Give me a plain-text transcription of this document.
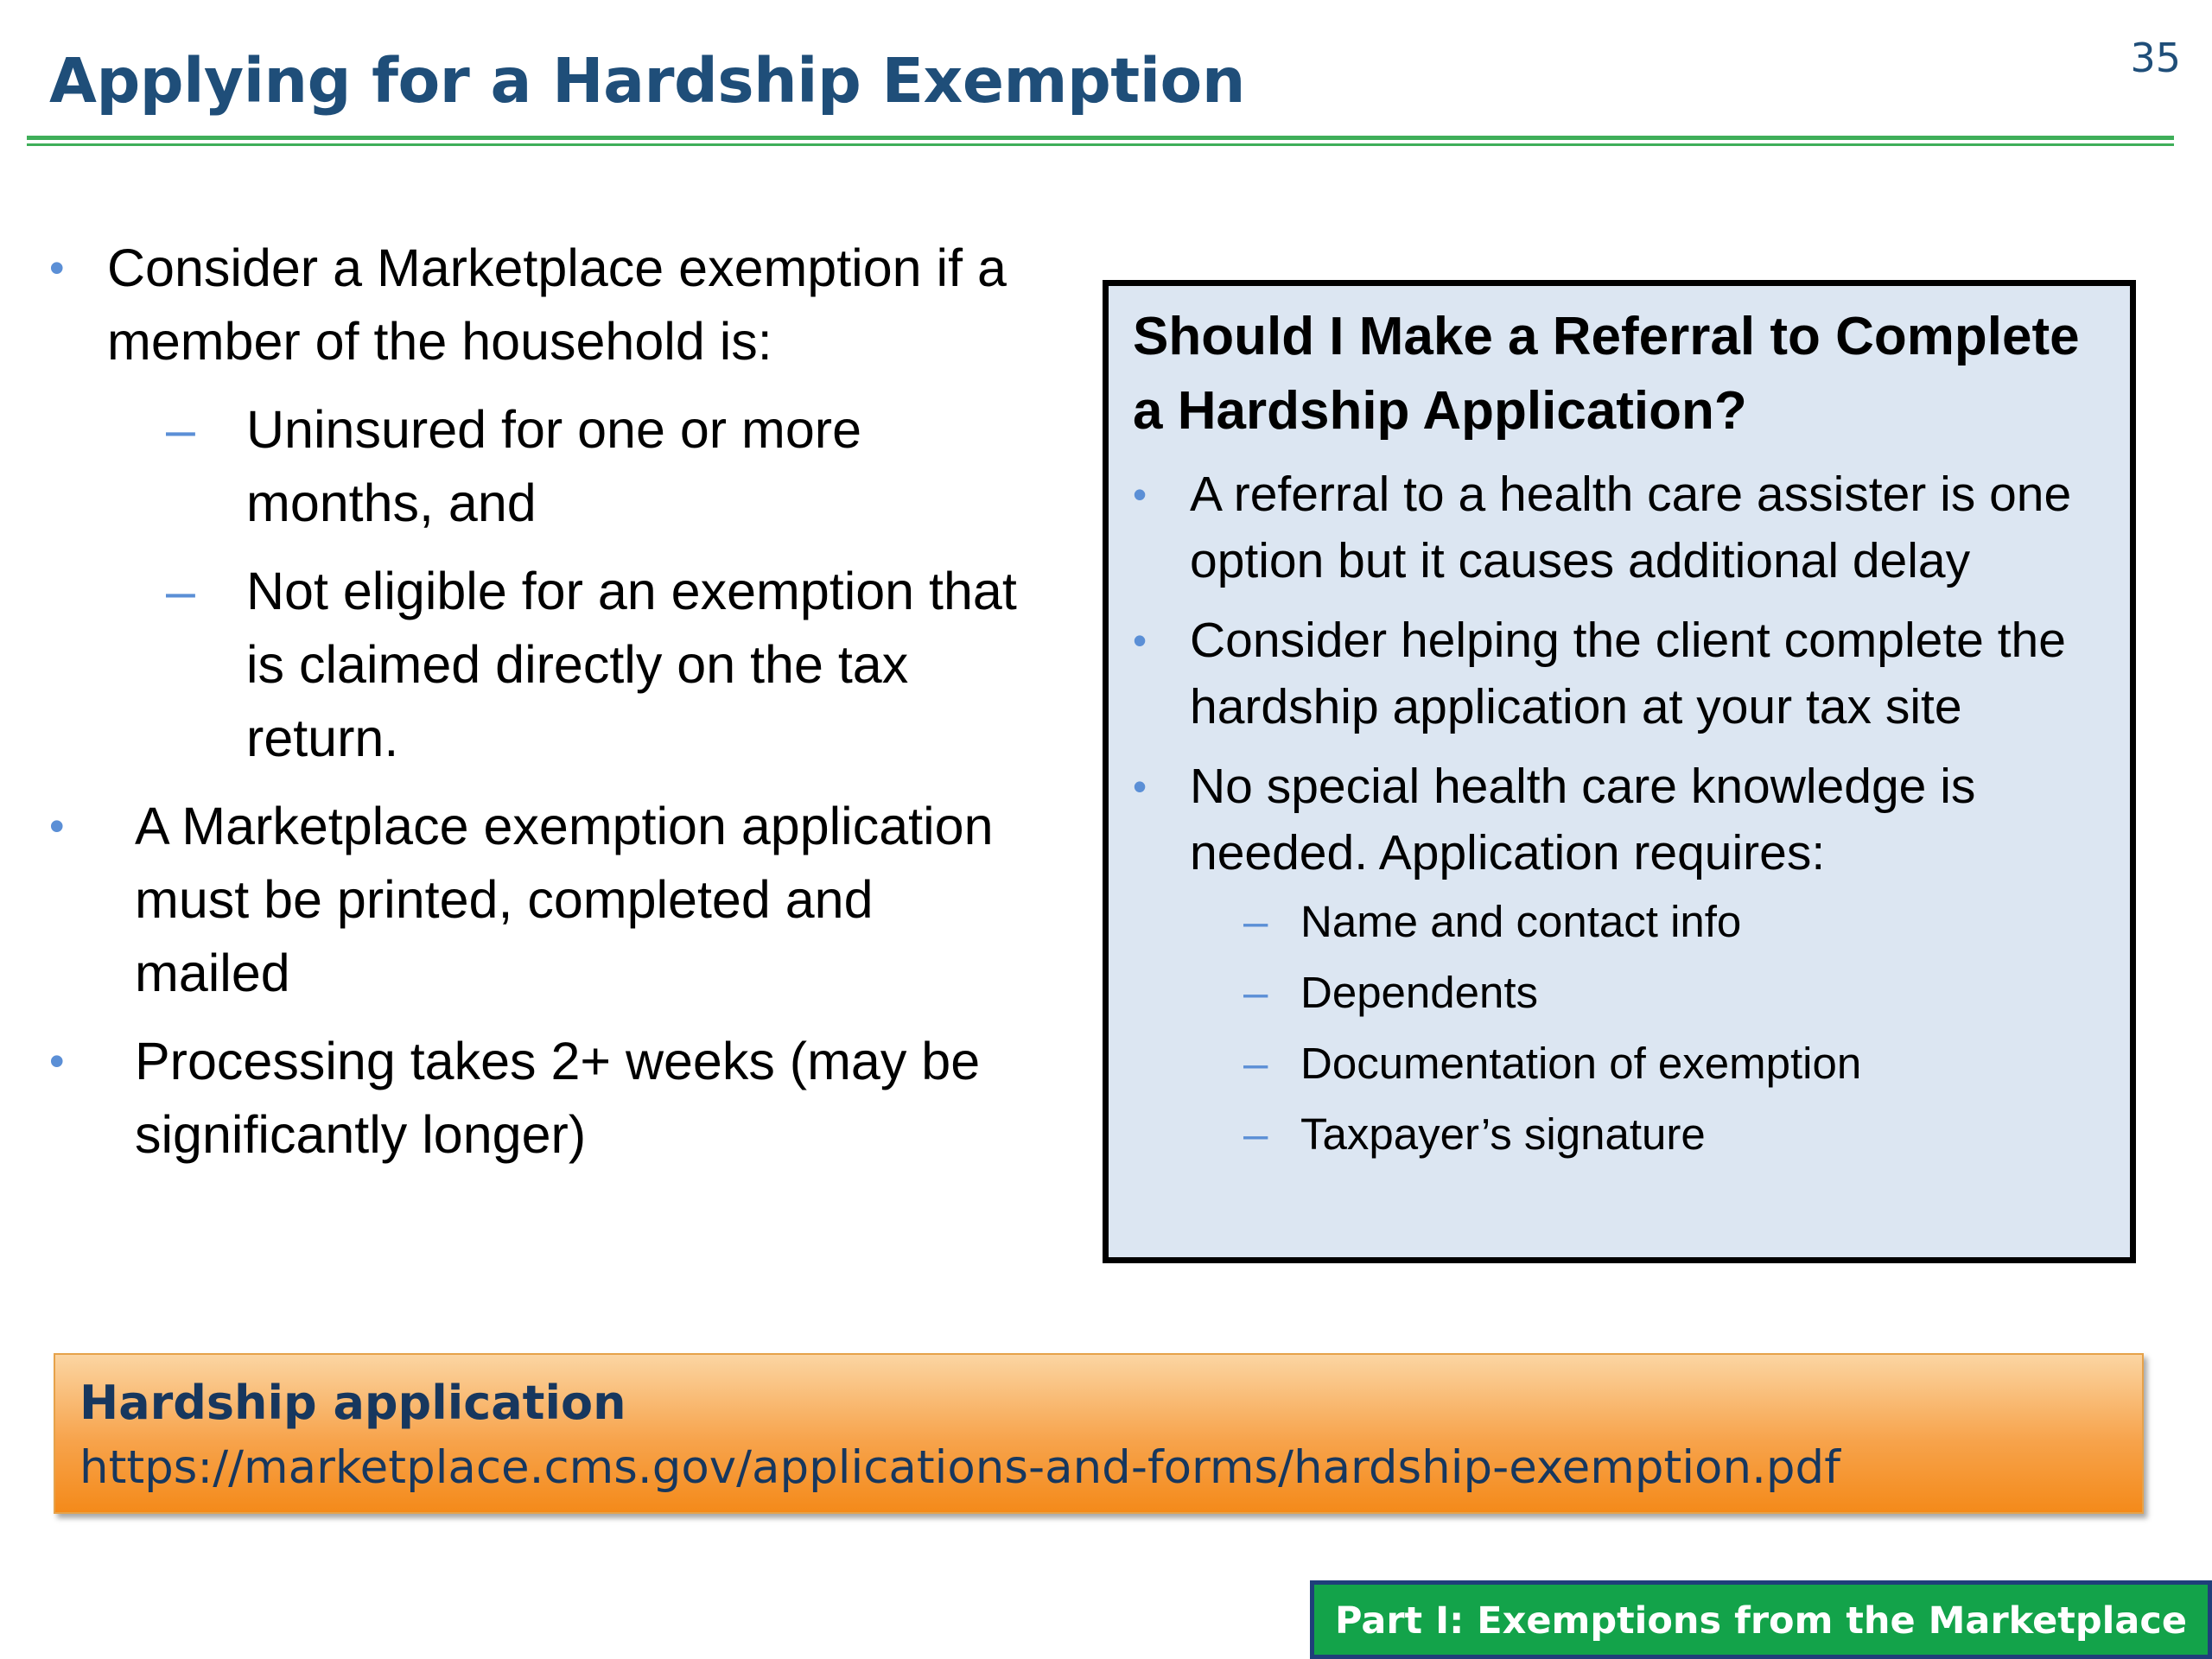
Applying for a Hardship Exemption	35
• Consider a Marketplace exemption if a member of the household is:
– Uninsured for one or more months, and
– Not eligible for an exemption that is claimed directly on the tax return.
• A Marketplace exemption application must be printed, completed and mailed
• Processing takes 2+ weeks (may be significantly longer)
Should I Make a Referral to Complete a Hardship Application?
• A referral to a health care assister is one option but it causes additional delay
• Consider helping the client complete the hardship application at your tax site
• No special health care knowledge is needed. Application requires:
– Name and contact info
– Dependents
– Documentation of exemption
– Taxpayer’s signature
Hardship application
https://marketplace.cms.gov/applications-and-forms/hardship-exemption.pdf
Part I: Exemptions from the Marketplace
